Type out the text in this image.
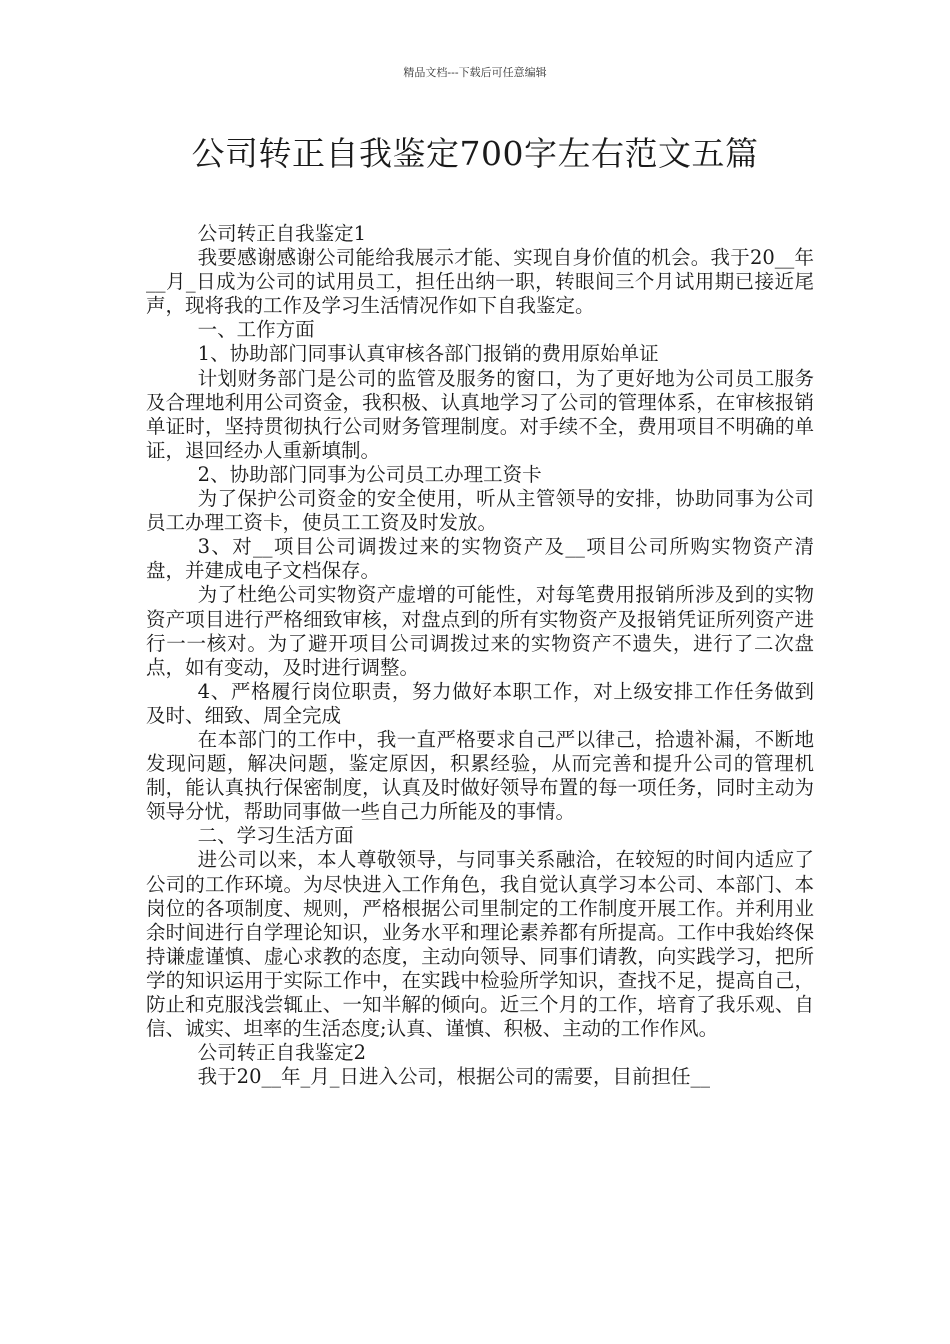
精品文档---下载后可任意编辑
公司转正自我鉴定700字左右范文五篇

公司转正自我鉴定1

我要感谢感谢公司能给我展示才能、实现自身价值的机会。我于20__年__月_日成为公司的试用员工，担任出纳一职，转眼间三个月试用期已接近尾声，现将我的工作及学习生活情况作如下自我鉴定。

一、工作方面

1、协助部门同事认真审核各部门报销的费用原始单证

计划财务部门是公司的监管及服务的窗口，为了更好地为公司员工服务及合理地利用公司资金，我积极、认真地学习了公司的管理体系，在审核报销单证时，坚持贯彻执行公司财务管理制度。对手续不全，费用项目不明确的单证，退回经办人重新填制。

2、协助部门同事为公司员工办理工资卡

为了保护公司资金的安全使用，听从主管领导的安排，协助同事为公司员工办理工资卡，使员工工资及时发放。

3、对__项目公司调拨过来的实物资产及__项目公司所购实物资产清盘，并建成电子文档保存。

为了杜绝公司实物资产虚增的可能性，对每笔费用报销所涉及到的实物资产项目进行严格细致审核，对盘点到的所有实物资产及报销凭证所列资产进行一一核对。为了避开项目公司调拨过来的实物资产不遗失，进行了二次盘点，如有变动，及时进行调整。

4、严格履行岗位职责，努力做好本职工作，对上级安排工作任务做到及时、细致、周全完成

在本部门的工作中，我一直严格要求自己严以律己，拾遗补漏，不断地发现问题，解决问题，鉴定原因，积累经验，从而完善和提升公司的管理机制，能认真执行保密制度，认真及时做好领导布置的每一项任务，同时主动为领导分忧，帮助同事做一些自己力所能及的事情。

二、学习生活方面

进公司以来，本人尊敬领导，与同事关系融洽，在较短的时间内适应了公司的工作环境。为尽快进入工作角色，我自觉认真学习本公司、本部门、本岗位的各项制度、规则，严格根据公司里制定的工作制度开展工作。并利用业余时间进行自学理论知识，业务水平和理论素养都有所提高。工作中我始终保持谦虚谨慎、虚心求教的态度，主动向领导、同事们请教，向实践学习，把所学的知识运用于实际工作中，在实践中检验所学知识，查找不足，提高自己，防止和克服浅尝辄止、一知半解的倾向。近三个月的工作，培育了我乐观、自信、诚实、坦率的生活态度;认真、谨慎、积极、主动的工作作风。

公司转正自我鉴定2

我于20__年_月_日进入公司，根据公司的需要，目前担任__
